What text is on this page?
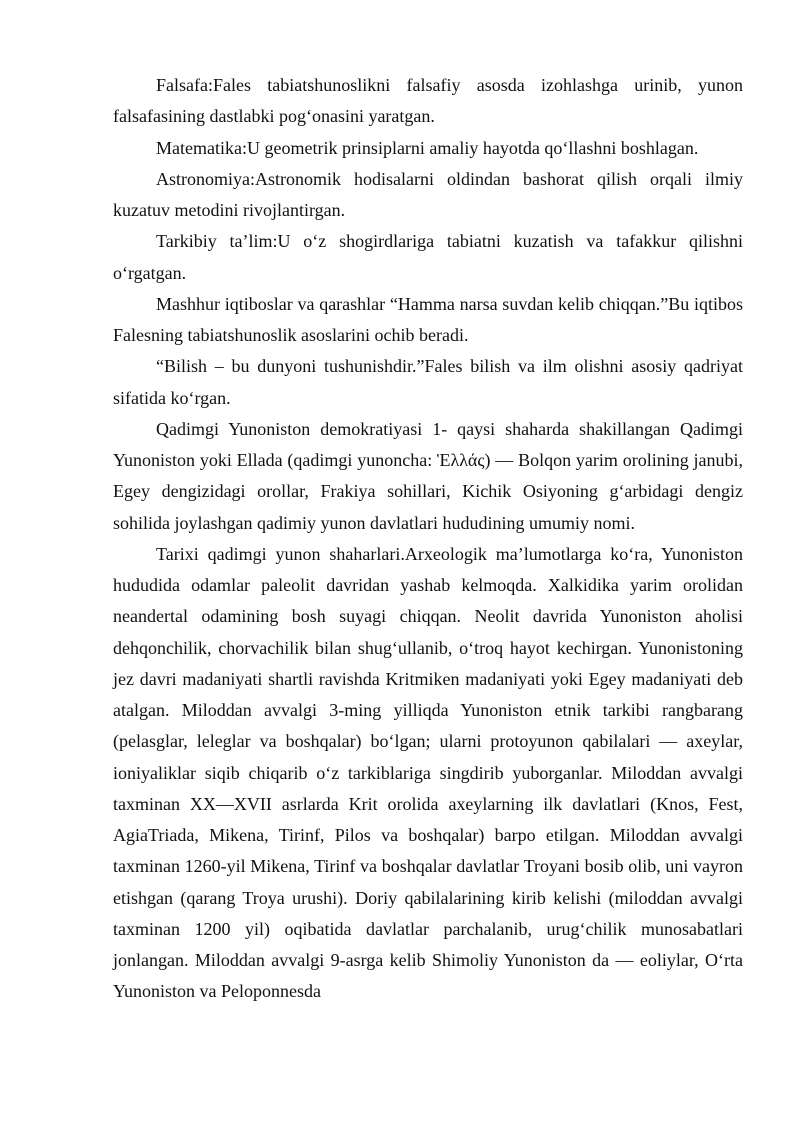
Falsafa:Fales tabiatshunoslikni falsafiy asosda izohlashga urinib, yunon falsafasining dastlabki pog‘onasini yaratgan.

Matematika:U geometrik prinsiplarni amaliy hayotda qo‘llashni boshlagan.

Astronomiya:Astronomik hodisalarni oldindan bashorat qilish orqali ilmiy kuzatuv metodini rivojlantirgan.

Tarkibiy ta’lim:U o‘z shogirdlariga tabiatni kuzatish va tafakkur qilishni o‘rgatgan.

Mashhur iqtiboslar va qarashlar “Hamma narsa suvdan kelib chiqqan.”Bu iqtibos Falesning tabiatshunoslik asoslarini ochib beradi.

“Bilish – bu dunyoni tushunishdir.”Fales bilish va ilm olishni asosiy qadriyat sifatida ko‘rgan.

Qadimgi Yunoniston demokratiyasi 1- qaysi shaharda shakillangan Qadimgi Yunoniston yoki Ellada (qadimgi yunoncha: Ἑλλάς) — Bolqon yarim orolining janubi, Egey dengizidagi orollar, Frakiya sohillari, Kichik Osiyoning g‘arbidagi dengiz sohilida joylashgan qadimiy yunon davlatlari hududining umumiy nomi.

Tarixi qadimgi yunon shaharlari.Arxeologik ma’lumotlarga ko‘ra, Yunoniston hududida odamlar paleolit davridan yashab kelmoqda. Xalkidika yarim orolidan neandertal odamining bosh suyagi chiqqan. Neolit davrida Yunoniston aholisi dehqonchilik, chorvachilik bilan shug‘ullanib, o‘troq hayot kechirgan. Yunonistoning jez davri madaniyati shartli ravishda Kritmiken madaniyati yoki Egey madaniyati deb atalgan. Miloddan avvalgi 3-ming yilliqda Yunoniston etnik tarkibi rangbarang (pelasglar, leleglar va boshqalar) bo‘lgan; ularni protoyunon qabilalari — axeylar, ioniyaliklar siqib chiqarib o‘z tarkiblariga singdirib yuborganlar. Miloddan avvalgi taxminan XX—XVII asrlarda Krit orolida axeylarning ilk davlatlari (Knos, Fest, AgiaTriada, Mikena, Tirinf, Pilos va boshqalar) barpo etilgan. Miloddan avvalgi taxminan 1260-yil Mikena, Tirinf va boshqalar davlatlar Troyani bosib olib, uni vayron etishgan (qarang Troya urushi). Doriy qabilalarining kirib kelishi (miloddan avvalgi taxminan 1200 yil) oqibatida davlatlar parchalanib, urug‘chilik munosabatlari jonlangan. Miloddan avvalgi 9-asrga kelib Shimoliy Yunoniston da — eoliylar, O‘rta Yunoniston va Peloponnesda
